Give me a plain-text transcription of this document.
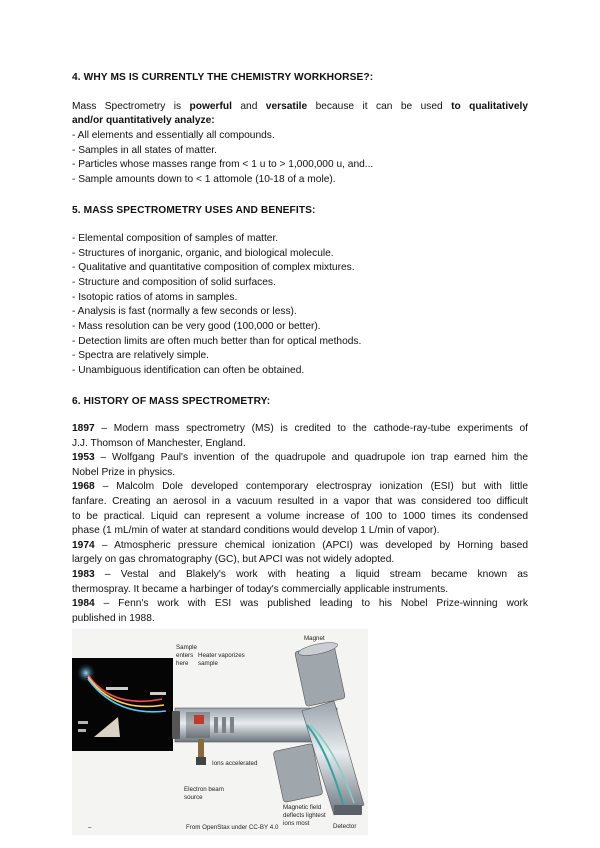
4. WHY MS IS CURRENTLY THE CHEMISTRY WORKHORSE?:
Mass Spectrometry is powerful and versatile because it can be used to qualitatively
and/or quantitatively analyze:
- All elements and essentially all compounds.
- Samples in all states of matter.
- Particles whose masses range from < 1 u to > 1,000,000 u, and...
- Sample amounts down to < 1 attomole (10-18 of a mole).
5. MASS SPECTROMETRY USES AND BENEFITS:
- Elemental composition of samples of matter.
- Structures of inorganic, organic, and biological molecule.
- Qualitative and quantitative composition of complex mixtures.
- Structure and composition of solid surfaces.
- Isotopic ratios of atoms in samples.
- Analysis is fast (normally a few seconds or less).
- Mass resolution can be very good (100,000 or better).
- Detection limits are often much better than for optical methods.
- Spectra are relatively simple.
- Unambiguous identification can often be obtained.
6. HISTORY OF MASS SPECTROMETRY:
1897 – Modern mass spectrometry (MS) is credited to the cathode-ray-tube experiments of
J.J. Thomson of Manchester, England.
1953 – Wolfgang Paul's invention of the quadrupole and quadrupole ion trap earned him the
Nobel Prize in physics.
1968 – Malcolm Dole developed contemporary electrospray ionization (ESI) but with little
fanfare. Creating an aerosol in a vacuum resulted in a vapor that was considered too difficult
to be practical. Liquid can represent a volume increase of 100 to 1000 times its condensed
phase (1 mL/min of water at standard conditions would develop 1 L/min of vapor).
1974 – Atmospheric pressure chemical ionization (APCI) was developed by Horning based
largely on gas chromatography (GC), but APCI was not widely adopted.
1983 – Vestal and Blakely's work with heating a liquid stream became known as
thermospray. It became a harbinger of today's commercially applicable instruments.
1984 – Fenn's work with ESI was published leading to his Nobel Prize-winning work
published in 1988.
Magnet
Sample
enters
here
Heater vaporizes
sample
Ions accelerated
Electron beam
source
Magnetic field
deflects lightest
ions most	Detector
From OpenStax under CC-BY 4.0
–
